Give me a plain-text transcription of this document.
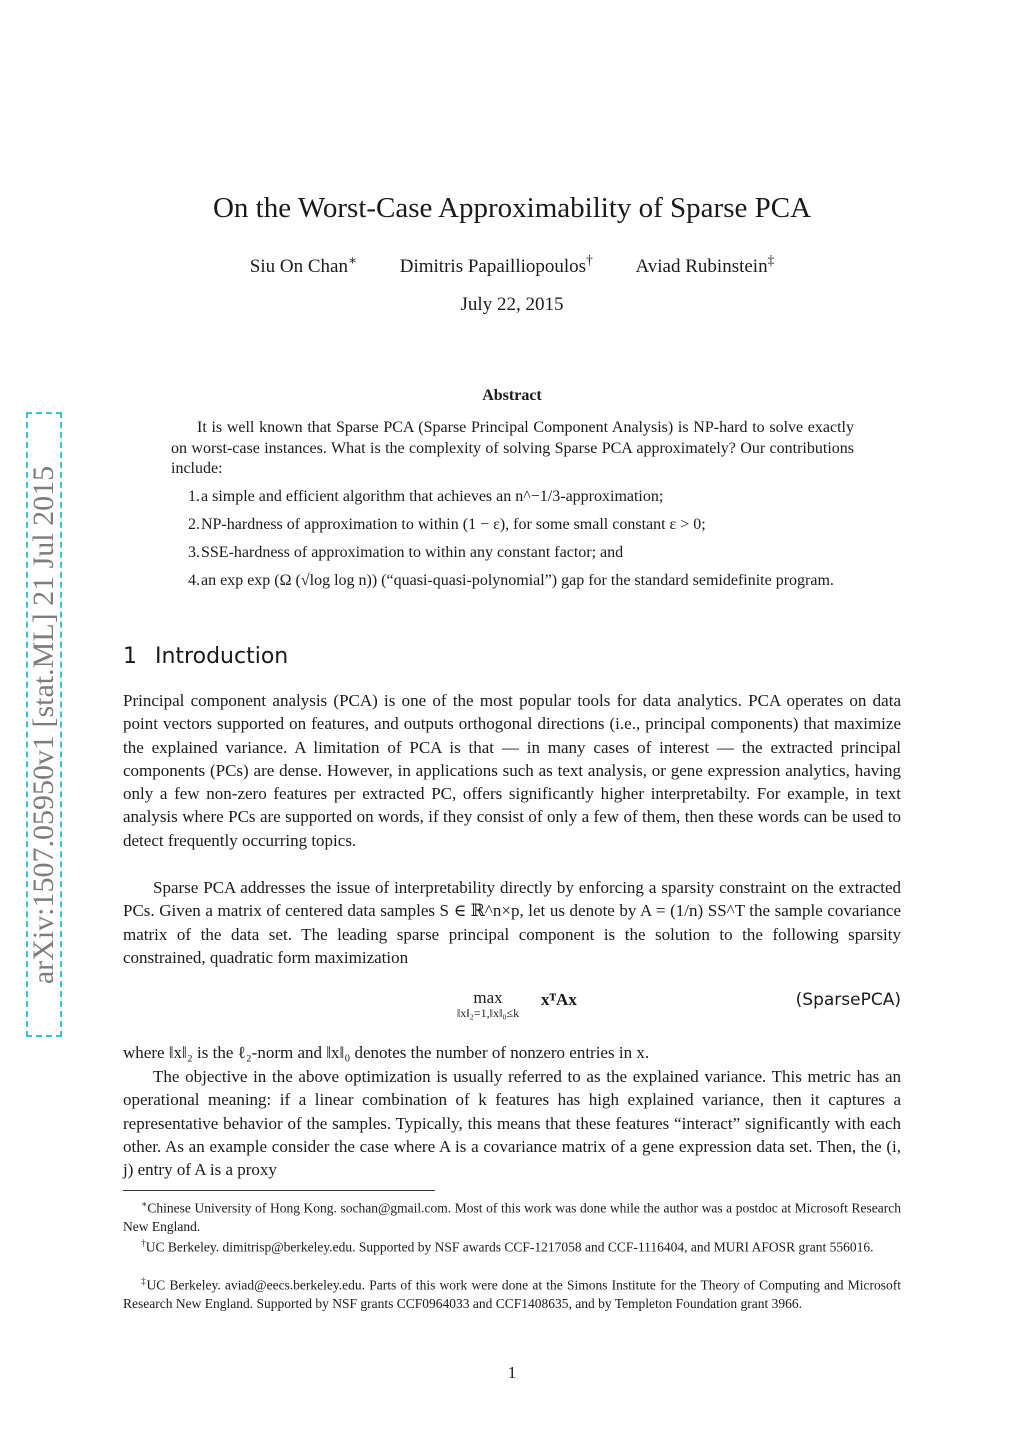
arXiv:1507.05950v1 [stat.ML] 21 Jul 2015
On the Worst-Case Approximability of Sparse PCA
Siu On Chan∗ Dimitris Papailliopoulos† Aviad Rubinstein‡
July 22, 2015
Abstract

It is well known that Sparse PCA (Sparse Principal Component Analysis) is NP-hard to solve exactly on worst-case instances. What is the complexity of solving Sparse PCA approximately? Our contributions include:

1. a simple and efficient algorithm that achieves an n^−1/3-approximation;
2. NP-hardness of approximation to within (1 − ε), for some small constant ε > 0;
3. SSE-hardness of approximation to within any constant factor; and
4. an exp exp (Ω (√log log n)) (“quasi-quasi-polynomial”) gap for the standard semidefinite program.
1 Introduction

Principal component analysis (PCA) is one of the most popular tools for data analytics. PCA operates on data point vectors supported on features, and outputs orthogonal directions (i.e., principal components) that maximize the explained variance. A limitation of PCA is that — in many cases of interest — the extracted principal components (PCs) are dense. However, in applications such as text analysis, or gene expression analytics, having only a few non-zero features per extracted PC, offers significantly higher interpretabilty. For example, in text analysis where PCs are supported on words, if they consist of only a few of them, then these words can be used to detect frequently occurring topics.

Sparse PCA addresses the issue of interpretability directly by enforcing a sparsity constraint on the extracted PCs. Given a matrix of centered data samples S ∈ ℝ^n×p, let us denote by A = (1/n) SS^T the sample covariance matrix of the data set. The leading sparse principal component is the solution to the following sparsity constrained, quadratic form maximization

max
‖x‖₂=1,‖x‖₀≤k
xᵀAx	(SparsePCA)

where ‖x‖₂ is the ℓ₂-norm and ‖x‖₀ denotes the number of nonzero entries in x.

The objective in the above optimization is usually referred to as the explained variance. This metric has an operational meaning: if a linear combination of k features has high explained variance, then it captures a representative behavior of the samples. Typically, this means that these features “interact” significantly with each other. As an example consider the case where A is a covariance matrix of a gene expression data set. Then, the (i, j) entry of A is a proxy

∗Chinese University of Hong Kong. sochan@gmail.com. Most of this work was done while the author was a postdoc at Microsoft Research New England.

†UC Berkeley. dimitrisp@berkeley.edu. Supported by NSF awards CCF-1217058 and CCF-1116404, and MURI AFOSR grant 556016.

‡UC Berkeley. aviad@eecs.berkeley.edu. Parts of this work were done at the Simons Institute for the Theory of Computing and Microsoft Research New England. Supported by NSF grants CCF0964033 and CCF1408635, and by Templeton Foundation grant 3966.

1
